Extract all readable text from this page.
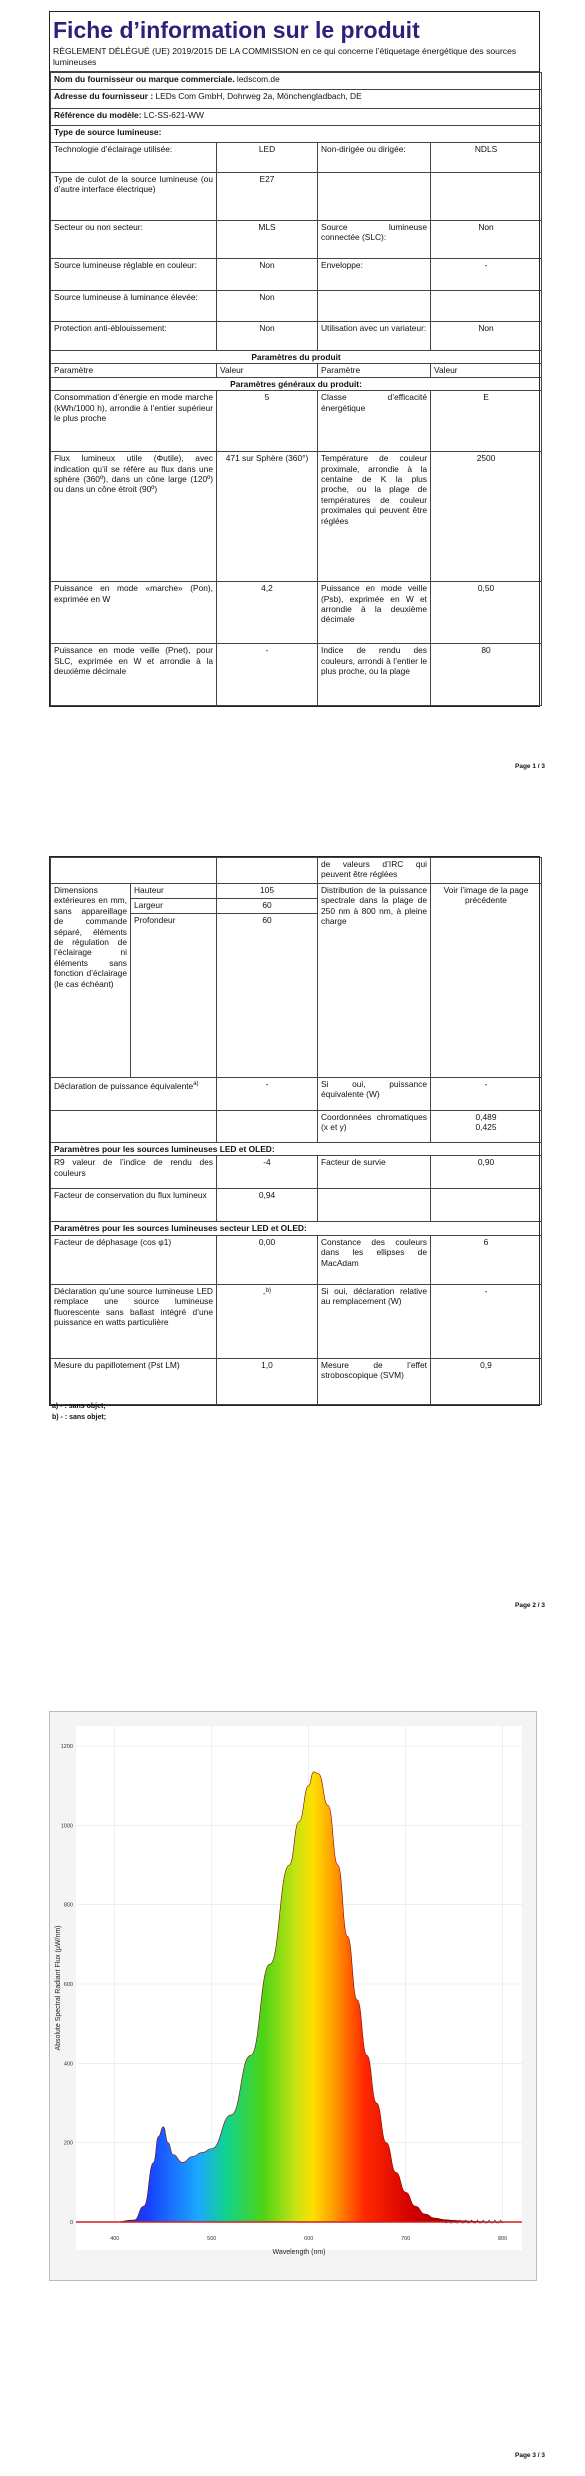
Fiche d’information sur le produit

RÈGLEMENT DÉLÉGUÉ (UE) 2019/2015 DE LA COMMISSION en ce qui concerne l’étiquetage énergétique des sources lumineuses

Nom du fournisseur ou marque commerciale. ledscom.de			
Adresse du fournisseur : LEDs Com GmbH, Dohrweg 2a, Mönchengladbach, DE			
Référence du modèle: LC-SS-621-WW			
Type de source lumineuse:			
Technologie d’éclairage utilisée:	LED	Non-dirigée ou dirigée:	NDLS
Type de culot de la source lumineuse (ou d’autre interface électrique)	E27		
Secteur ou non secteur:	MLS	Source lumineuse connectée (SLC):	Non
Source lumineuse réglable en couleur:	Non	Enveloppe:	-
Source lumineuse à luminance élevée:	Non		
Protection anti-éblouissement:	Non	Utilisation avec un variateur:	Non
Paramètres du produit			
Paramètre	Valeur	Paramètre	Valeur
Paramètres généraux du produit:			
Consommation d’énergie en mode marche (kWh/1000 h), arrondie à l’entier supérieur le plus proche	5	Classe d’efficacité énergétique	E
Flux lumineux utile (Φutile), avec indication qu’il se réfère au flux dans une sphère (360º), dans un cône large (120º) ou dans un cône étroit (90º)	471 sur Sphère (360°)	Température de couleur proximale, arrondie à la centaine de K la plus proche, ou la plage de températures de couleur proximales qui peuvent être réglées	2500
Puissance en mode «marche» (Pon), exprimée en W	4,2	Puissance en mode veille (Psb), exprimée en W et arrondie à la deuxième décimale	0,50
Puissance en mode veille (Pnet), pour SLC, exprimée en W et arrondie à la deuxième décimale	-	Indice de rendu des couleurs, arrondi à l’entier le plus proche, ou la plage	80
Page 1 / 3
			de valeurs d’IRC qui peuvent être réglées	
Dimensions extérieures en mm, sans appareillage de commande séparé, éléments de régulation de l’éclairage ni éléments sans fonction d’éclairage (le cas échéant)	Hauteur	105	Distribution de la puissance spectrale dans la plage de 250 nm à 800 nm, à pleine charge	Voir l’image de la page précédente
	Largeur	60		
	Profondeur	60		
Déclaration de puissance équivalente$^{a)}$		-	Si oui, puissance équivalente (W)	-
			Coordonnées chromatiques (x et y)	0,489
0,425

Paramètres pour les sources lumineuses LED et OLED:				
R9 valeur de l’indice de rendu des couleurs		-4	Facteur de survie	0,90
Facteur de conservation du flux lumineux		0,94		
Paramètres pour les sources lumineuses secteur LED et OLED:				
Facteur de déphasage (cos φ1)		0,00	Constance des couleurs dans les ellipses de MacAdam	6
Déclaration qu’une source lumineuse LED remplace une source lumineuse fluorescente sans ballast intégré d’une puissance en watts particulière		-$^{b)}$	Si oui, déclaration relative au remplacement (W)	-
Mesure du papillotement (Pst LM)		1,0	Mesure de l’effet stroboscopique (SVM)	0,9
a) - : sans objet;
b) - : sans objet;
Page 2 / 3
0
200
400
600
800
1000
1200
400	500	600	700	800
Absolute Spectral Radiant Flux (µW/nm)
Wavelength (nm)
Page 3 / 3
